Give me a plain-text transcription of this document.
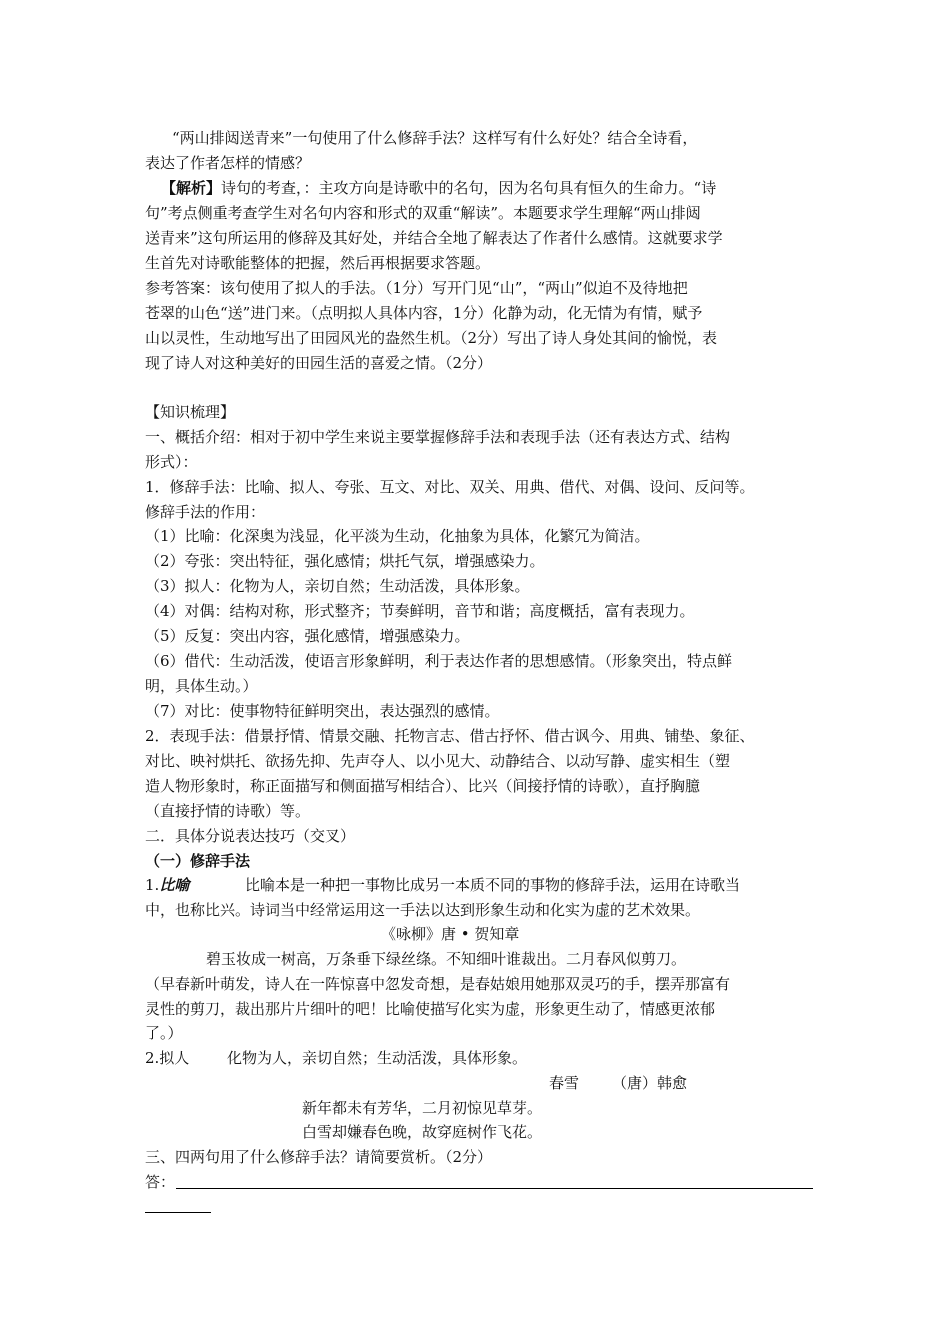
“两山排闼送青来”一句使用了什么修辞手法？这样写有什么好处？结合全诗看，
表达了作者怎样的情感？
【解析】诗句的考查，：主攻方向是诗歌中的名句，因为名句具有恒久的生命力。“诗
句”考点侧重考查学生对名句内容和形式的双重“解读”。本题要求学生理解“两山排闼
送青来”这句所运用的修辞及其好处，并结合全地了解表达了作者什么感情。这就要求学
生首先对诗歌能整体的把握，然后再根据要求答题。
参考答案：该句使用了拟人的手法。（1分）写开门见“山”，“两山”似迫不及待地把
苍翠的山色“送”进门来。（点明拟人具体内容，1分）化静为动，化无情为有情，赋予
山以灵性，生动地写出了田园风光的盎然生机。（2分）写出了诗人身处其间的愉悦，表
现了诗人对这种美好的田园生活的喜爱之情。（2分）
【知识梳理】
一、概括介绍：相对于初中学生来说主要掌握修辞手法和表现手法（还有表达方式、结构
形式）：
1．修辞手法：比喻、拟人、夸张、互文、对比、双关、用典、借代、对偶、设问、反问等。
修辞手法的作用：
（1）比喻：化深奥为浅显，化平淡为生动，化抽象为具体，化繁冗为简洁。
（2）夸张：突出特征，强化感情；烘托气氛，增强感染力。
（3）拟人：化物为人，亲切自然；生动活泼，具体形象。
（4）对偶：结构对称，形式整齐；节奏鲜明，音节和谐；高度概括，富有表现力。
（5）反复：突出内容，强化感情，增强感染力。
（6）借代：生动活泼，使语言形象鲜明，利于表达作者的思想感情。（形象突出，特点鲜
明，具体生动。）
（7）对比：使事物特征鲜明突出，表达强烈的感情。
2．表现手法：借景抒情、情景交融、托物言志、借古抒怀、借古讽今、用典、铺垫、象征、
对比、映衬烘托、欲扬先抑、先声夺人、以小见大、动静结合、以动写静、虚实相生（塑
造人物形象时，称正面描写和侧面描写相结合）、比兴（间接抒情的诗歌），直抒胸臆
（直接抒情的诗歌）等。
二．具体分说表达技巧（交叉）
（一）修辞手法
1.比喻	比喻本是一种把一事物比成另一本质不同的事物的修辞手法，运用在诗歌当
中，也称比兴。诗词当中经常运用这一手法以达到形象生动和化实为虚的艺术效果。
《咏柳》唐 • 贺知章
碧玉妆成一树高，万条垂下绿丝绦。不知细叶谁裁出。二月春风似剪刀。
（早春新叶萌发，诗人在一阵惊喜中忽发奇想，是春姑娘用她那双灵巧的手，摆弄那富有
灵性的剪刀，裁出那片片细叶的吧！比喻使描写化实为虚，形象更生动了，情感更浓郁
了。）
2.拟人	化物为人，亲切自然；生动活泼，具体形象。
春雪 （唐）韩愈
新年都未有芳华，二月初惊见草芽。
白雪却嫌春色晚，故穿庭树作飞花。
三、四两句用了什么修辞手法？请简要赏析。（2分）
答：
